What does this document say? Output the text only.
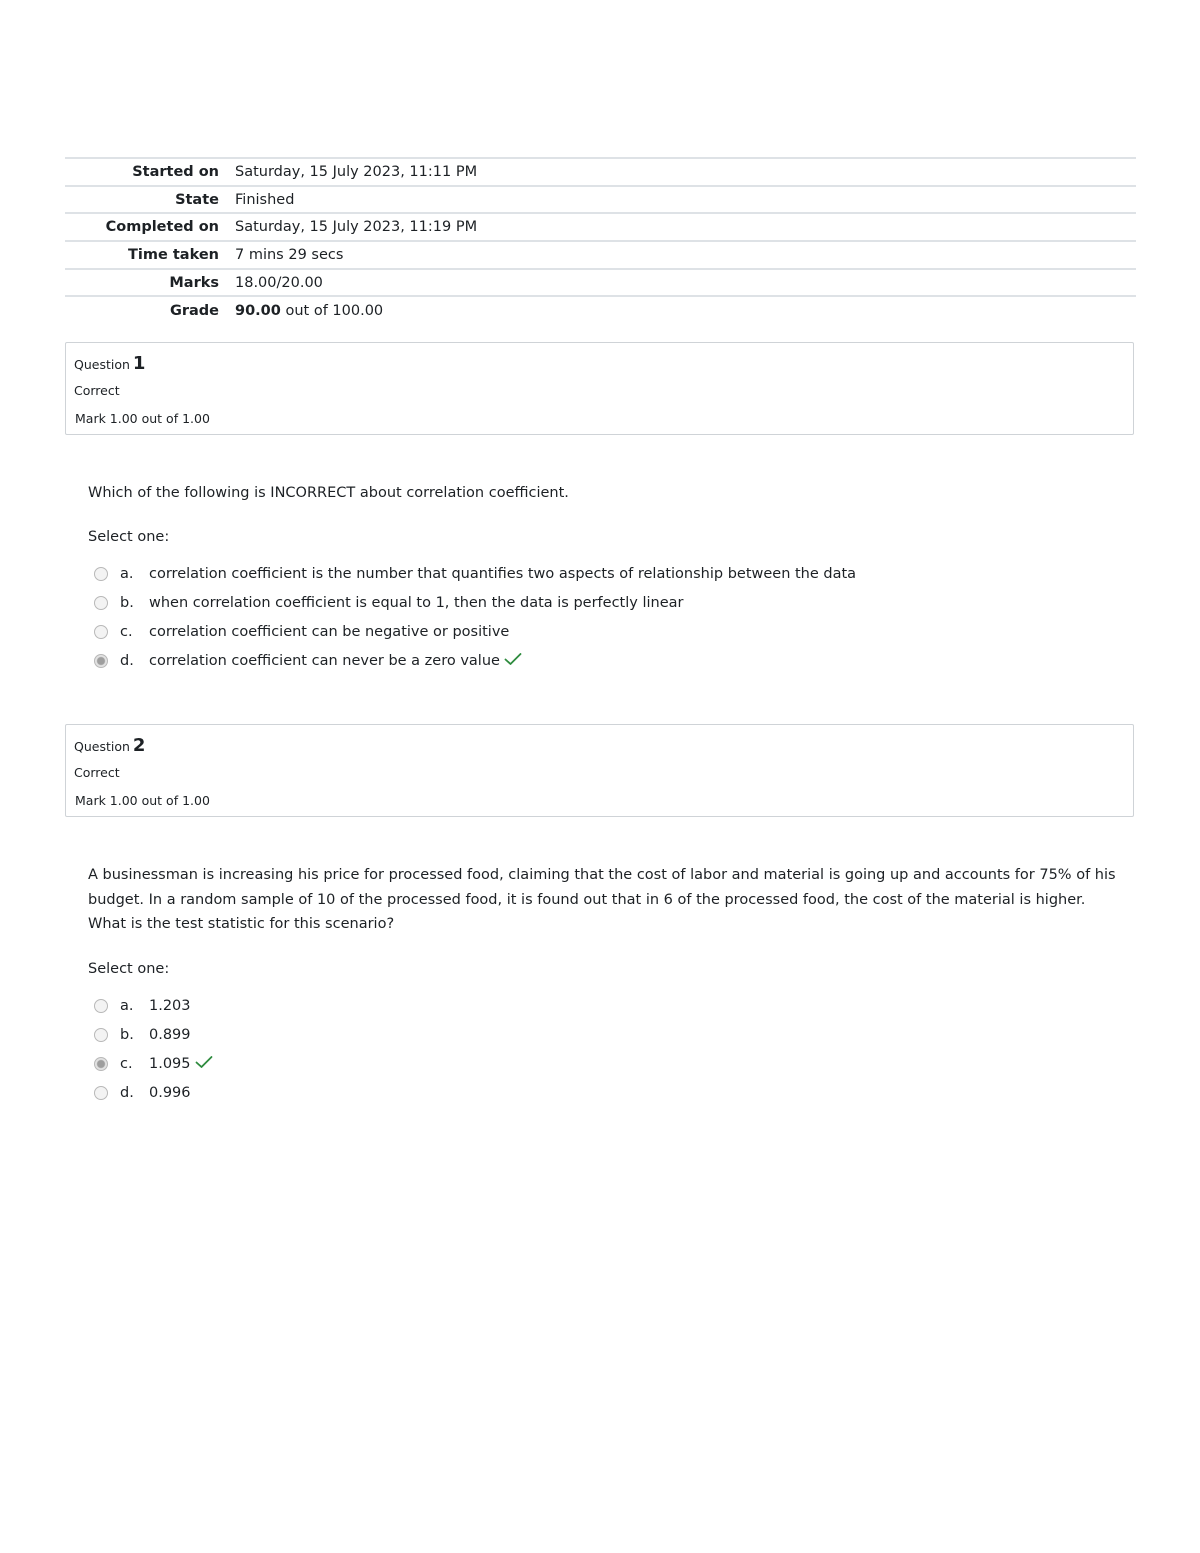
Started on	Saturday, 15 July 2023, 11:11 PM
State	Finished
Completed on	Saturday, 15 July 2023, 11:19 PM
Time taken	7 mins 29 secs
Marks	18.00/20.00
Grade	90.00 out of 100.00
Question 1
Correct
Mark 1.00 out of 1.00
Which of the following is INCORRECT about correlation coefficient.
Select one:
a.	correlation coefficient is the number that quantifies two aspects of relationship between the data
b.	when correlation coefficient is equal to 1, then the data is perfectly linear
c.	correlation coefficient can be negative or positive
d.	correlation coefficient can never be a zero value
Question 2
Correct
Mark 1.00 out of 1.00
A businessman is increasing his price for processed food, claiming that the cost of labor and material is going up and accounts for 75% of his
budget. In a random sample of 10 of the processed food, it is found out that in 6 of the processed food, the cost of the material is higher.
What is the test statistic for this scenario?
Select one:
a.	1.203
b.	0.899
c.	1.095
d.	0.996
